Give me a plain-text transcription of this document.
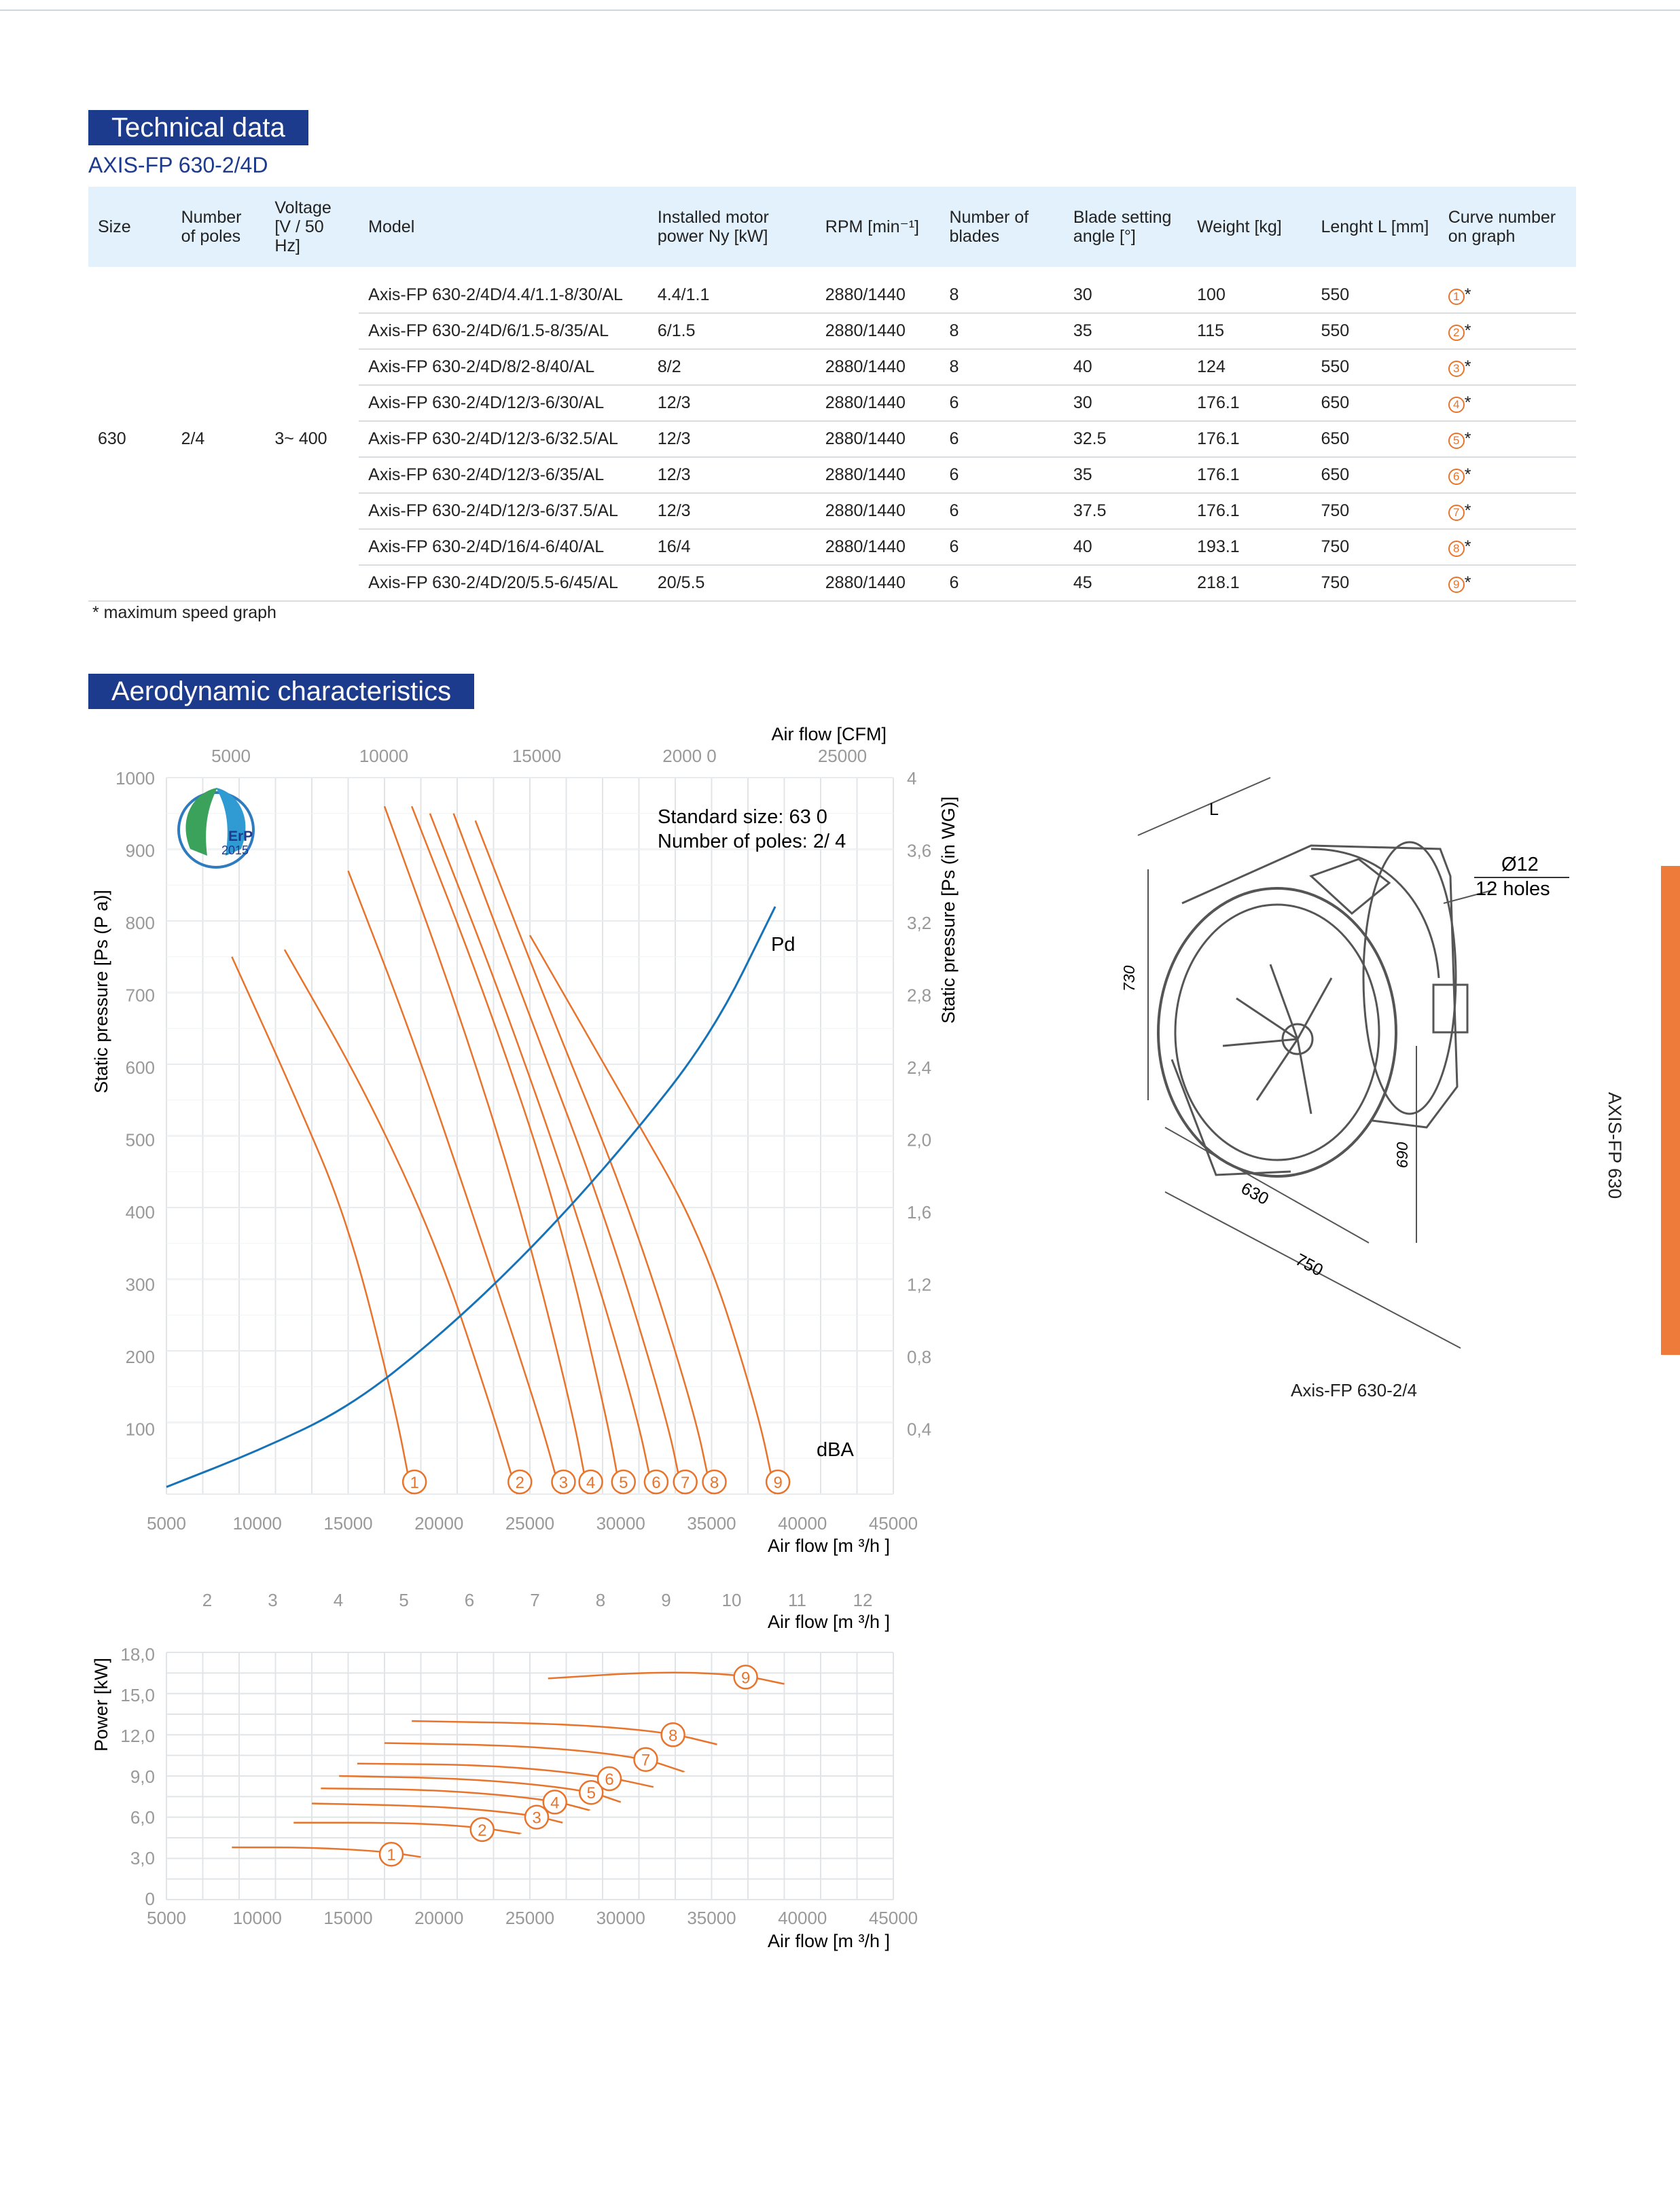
Technical data
AXIS-FP 630-2/4D
Size	Number of poles	Voltage [V / 50 Hz]	Model	Installed motor power Ny [kW]	RPM [min⁻¹]	Number of blades	Blade setting angle [°]	Weight [kg]	Lenght L [mm]	Curve number on graph
630	2/4	3~ 400	Axis-FP 630-2/4D/4.4/1.1-8/30/AL	4.4/1.1	2880/1440	8	30	100	550	1 *
			Axis-FP 630-2/4D/6/1.5-8/35/AL	6/1.5	2880/1440	8	35	115	550	2 *
			Axis-FP 630-2/4D/8/2-8/40/AL	8/2	2880/1440	8	40	124	550	3 *
			Axis-FP 630-2/4D/12/3-6/30/AL	12/3	2880/1440	6	30	176.1	650	4 *
			Axis-FP 630-2/4D/12/3-6/32.5/AL	12/3	2880/1440	6	32.5	176.1	650	5 *
			Axis-FP 630-2/4D/12/3-6/35/AL	12/3	2880/1440	6	35	176.1	650	6 *
			Axis-FP 630-2/4D/12/3-6/37.5/AL	12/3	2880/1440	6	37.5	176.1	750	7 *
			Axis-FP 630-2/4D/16/4-6/40/AL	16/4	2880/1440	6	40	193.1	750	8 *
			Axis-FP 630-2/4D/20/5.5-6/45/AL	20/5.5	2880/1440	6	45	218.1	750	9 *
* maximum speed graph
Aerodynamic characteristics
1	2 3 4 5 6 7 8	9
1
2
3
4
5
6
7
8
9
5000	10000	15000	2000 0	25000
1000
900
800
700
600
500
400
300
200
100
4
3,6
3,2
2,8
2,4
2,0
1,6
1,2
0,8
0,4
5000	10000 15000 20000 25000 30000 35000 40000 45000
2	3	4	5	6	7	8	9	10	11	12
18,0
15,0
12,0
9,0
6,0
3,0
0
5000	10000 15000 20000 25000 30000 35000 40000 45000
ErP
2015
Standard size: 63 0
Number of poles: 2/ 4
Pd
dBA
Air flow [CFM]
Air flow [m ³/h ]
Air flow [m ³/h ]
Air flow [m ³/h ]
Static pressure [Ps (P a)]	Static pressure [Ps (in WG)]
Power [kW]
L
730
630
750
690
Ø12
12 holes
Axis-FP 630-2/4
AXIS-FP 630
